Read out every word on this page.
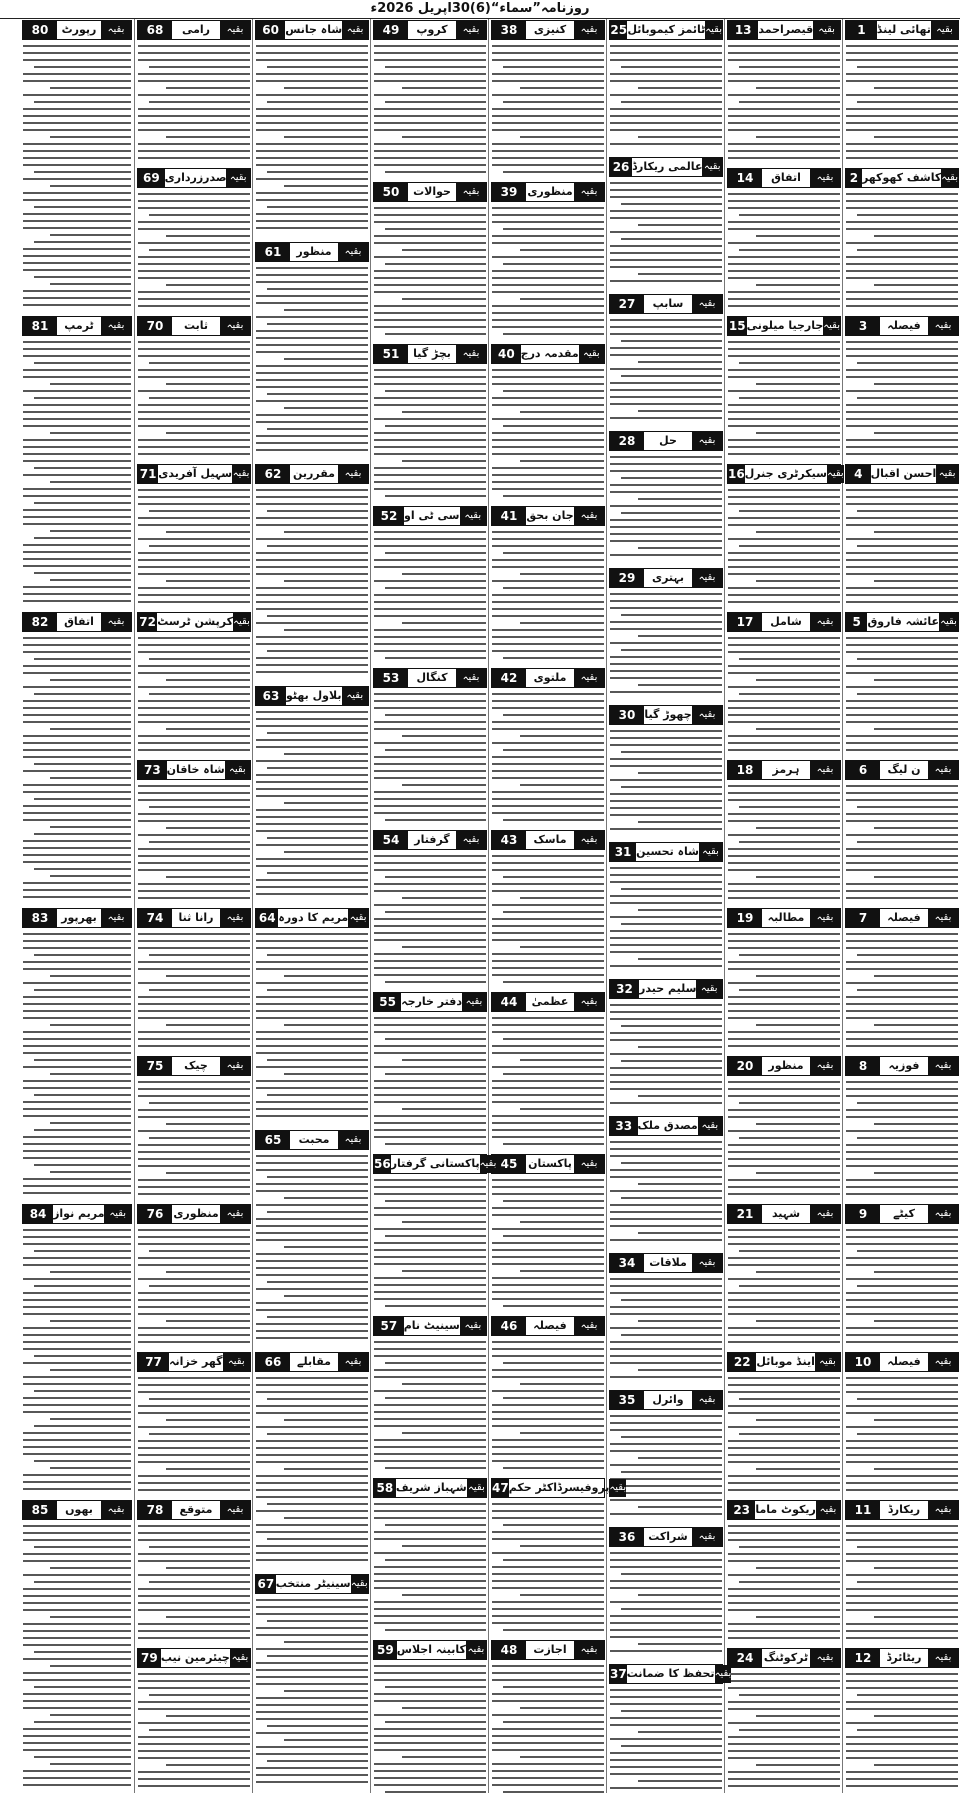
روزنامہ”سماء“(6)30اپریل 2026ء
1	تھائی لینڈ بقیہ
2 کاشف کھوکھر بقیہ
3	فیصلہ	بقیہ
4 احسن اقبال بقیہ
5 عائشہ فاروق بقیہ
6	ن لیگ	بقیہ
7	فیصلہ	بقیہ
8	فوزیہ	بقیہ
9	کیٹے	بقیہ
10	فیصلہ	بقیہ
11	ریکارڈ	بقیہ
12	ریٹائرڈ	بقیہ
13 قیصراحمد بقیہ
14	اتفاق	بقیہ
15 جارجیا میلونی بقیہ
16 سیکرٹری جنرل بقیہ
17	شامل	بقیہ
18	ہرمز	بقیہ
19	مطالبہ	بقیہ
20	منظور	بقیہ
21	شہید	بقیہ
22 اینڈ موبائل بقیہ
23 ریکوٹ ماما بقیہ
24 ٹرکوٹنگ بقیہ
25 ٹائمز کیموبائل بقیہ
26 عالمی ریکارڈ بقیہ
27	سابپ	بقیہ
28	حل	بقیہ
29	بہتری	بقیہ
30 چھوڑ گیا بقیہ
31 شاہ تحسین بقیہ
32 سلیم حیدر بقیہ
33 مصدق ملک بقیہ
34	ملاقات	بقیہ
35	وائرل	بقیہ
36	شراکت	بقیہ
37 تحفظ کا ضمانت بقیہ
38	کنیزی	بقیہ
39 منظوری بقیہ
40 مقدمہ درج بقیہ
41 جان بحق بقیہ
42	ملتوی	بقیہ
43	ماسک	بقیہ
44	عظمیٰ	بقیہ
45 پاکستان بقیہ
46	فیصلہ	بقیہ
47 پروفیسرڈاکٹر حکم بقیہ
48	اجازت	بقیہ
49	کروپ	بقیہ
50	حوالات	بقیہ
51	بچڑ گیا	بقیہ
52 سی ٹی او بقیہ
53	کنگال	بقیہ
54	گرفتار	بقیہ
55 دفتر خارجہ بقیہ
56 پاکستانی گرفتار بقیہ
57 سینیٹ نام بقیہ
58 شہباز شریف بقیہ
59 کابینہ اجلاس بقیہ
60 شاہ جانس بقیہ
61	منظور	بقیہ
62	مقررین بقیہ
63 بلاول بھٹو بقیہ
64 مریم کا دورہ بقیہ
65	محبت	بقیہ
66	مقابلے	بقیہ
67 سینیٹر منتخب بقیہ
68	رامی	بقیہ
69 صدرزرداری بقیہ
70	ثابت	بقیہ
71 سہیل آفریدی بقیہ
72 کرپشن ٹرسٹ بقیہ
73 شاہ خاقان بقیہ
74	رانا ثنا	بقیہ
75	چیک	بقیہ
76 منظوری بقیہ
77 گھر خزانہ بقیہ
78	متوقع	بقیہ
79 چیئرمین نیب بقیہ
80	رپورٹ	بقیہ
81	ٹرمپ	بقیہ
82	اتفاق	بقیہ
83	بھرپور	بقیہ
84 مریم نواز بقیہ
85	بھوں	بقیہ
